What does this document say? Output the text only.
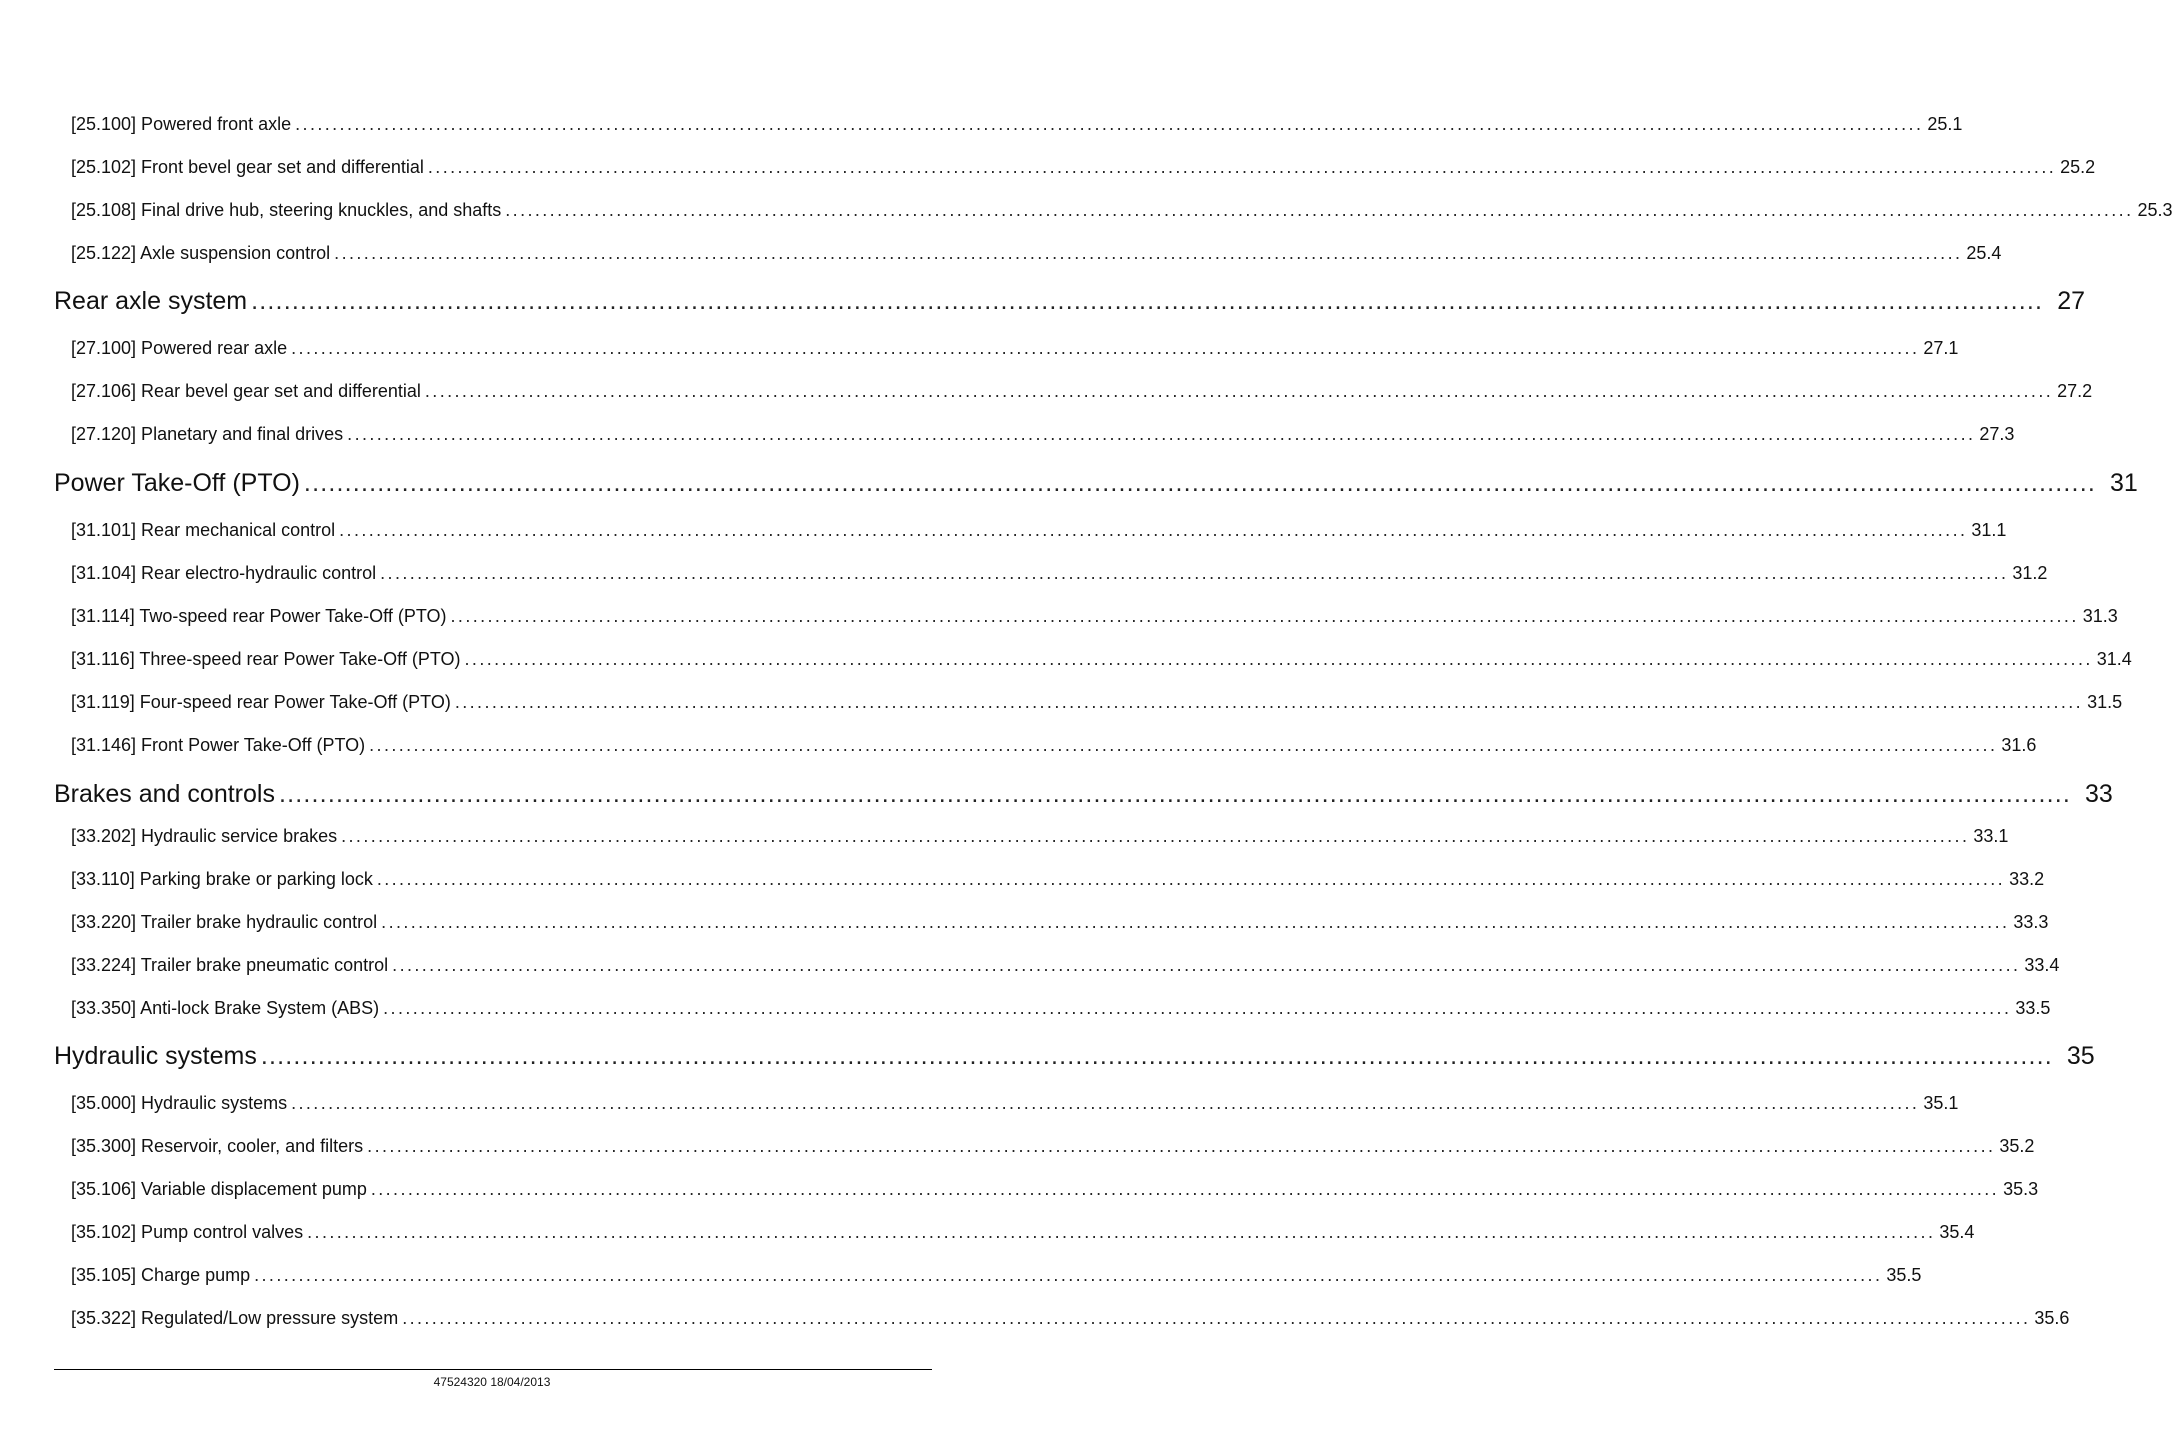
[25.100] Powered front axle ............................................................................................................................................................................................................................ 25.1
[25.102] Front bevel gear set and differential ............................................................................................................................................................................................................................ 25.2
[25.108] Final drive hub, steering knuckles, and shafts ............................................................................................................................................................................................................................ 25.3
[25.122] Axle suspension control ............................................................................................................................................................................................................................ 25.4
Rear axle system ............................................................................................................................................................................................................................ 27
[27.100] Powered rear axle ............................................................................................................................................................................................................................ 27.1
[27.106] Rear bevel gear set and differential ............................................................................................................................................................................................................................ 27.2
[27.120] Planetary and final drives ............................................................................................................................................................................................................................ 27.3
Power Take-Off (PTO) ............................................................................................................................................................................................................................ 31
[31.101] Rear mechanical control ............................................................................................................................................................................................................................ 31.1
[31.104] Rear electro-hydraulic control ............................................................................................................................................................................................................................ 31.2
[31.114] Two-speed rear Power Take-Off (PTO) ............................................................................................................................................................................................................................ 31.3
[31.116] Three-speed rear Power Take-Off (PTO) ............................................................................................................................................................................................................................ 31.4
[31.119] Four-speed rear Power Take-Off (PTO) ............................................................................................................................................................................................................................ 31.5
[31.146] Front Power Take-Off (PTO) ............................................................................................................................................................................................................................ 31.6
Brakes and controls ............................................................................................................................................................................................................................ 33
[33.202] Hydraulic service brakes ............................................................................................................................................................................................................................ 33.1
[33.110] Parking brake or parking lock ............................................................................................................................................................................................................................ 33.2
[33.220] Trailer brake hydraulic control ............................................................................................................................................................................................................................ 33.3
[33.224] Trailer brake pneumatic control ............................................................................................................................................................................................................................ 33.4
[33.350] Anti-lock Brake System (ABS) ............................................................................................................................................................................................................................ 33.5
Hydraulic systems ............................................................................................................................................................................................................................ 35
[35.000] Hydraulic systems ............................................................................................................................................................................................................................ 35.1
[35.300] Reservoir, cooler, and filters ............................................................................................................................................................................................................................ 35.2
[35.106] Variable displacement pump ............................................................................................................................................................................................................................ 35.3
[35.102] Pump control valves ............................................................................................................................................................................................................................ 35.4
[35.105] Charge pump ............................................................................................................................................................................................................................ 35.5
[35.322] Regulated/Low pressure system ............................................................................................................................................................................................................................ 35.6
47524320 18/04/2013
